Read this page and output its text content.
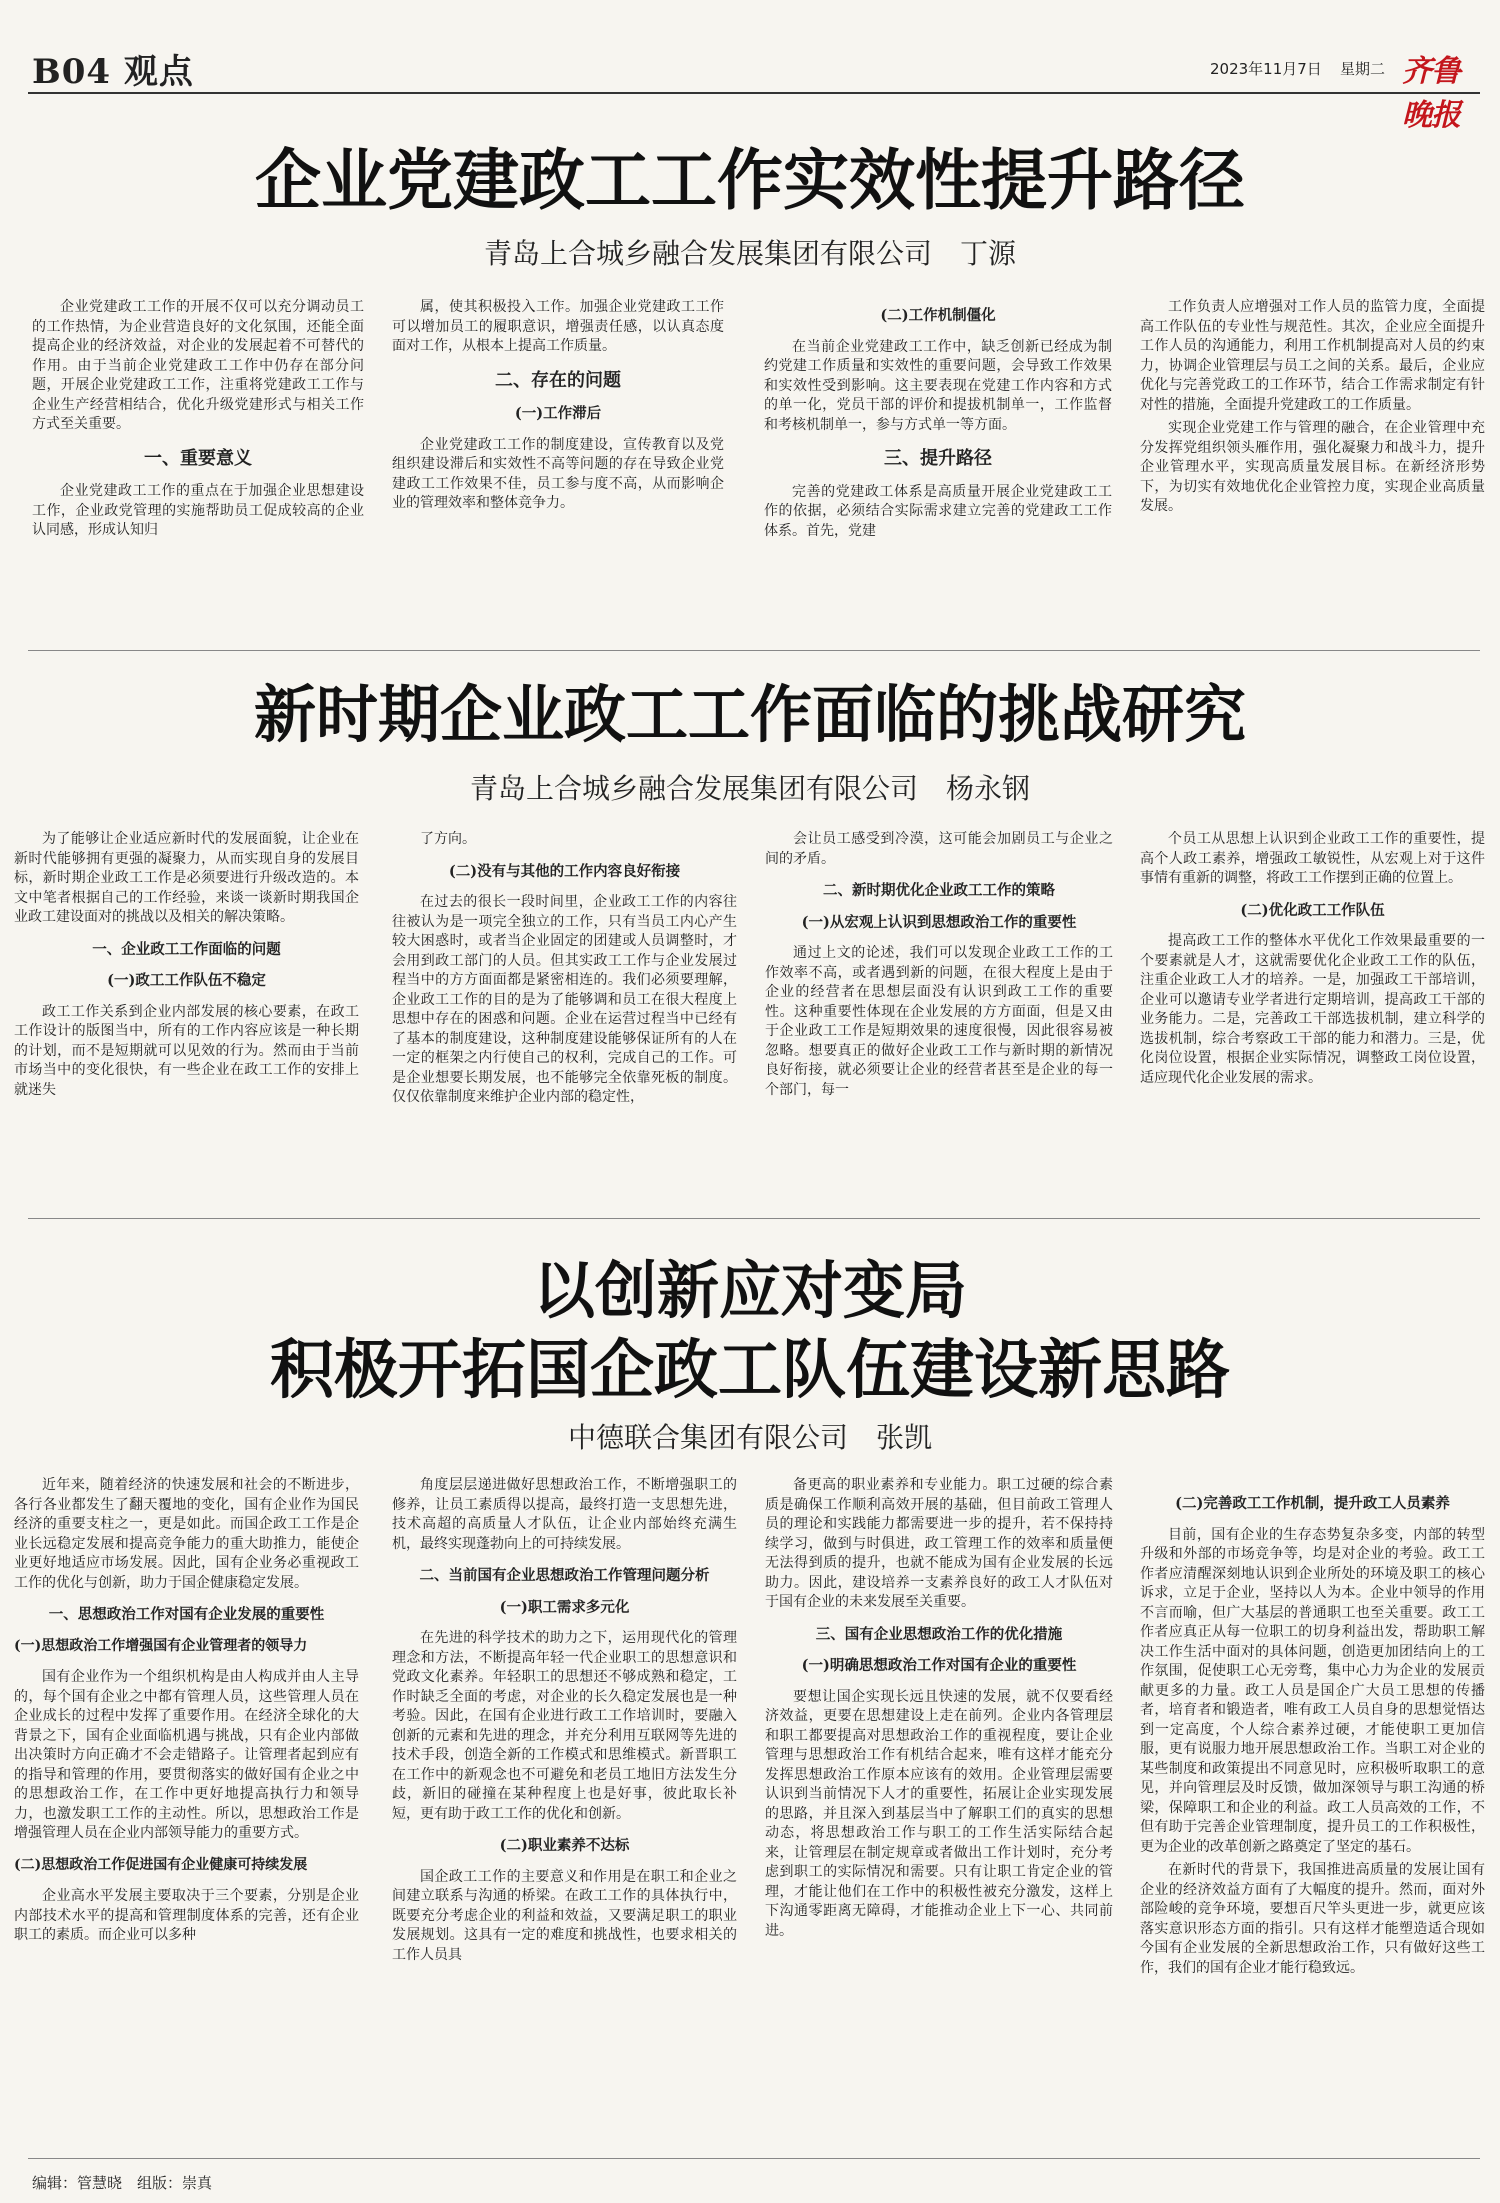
B04 观点	2023年11月7日 星期二 齐鲁晚报
企业党建政工工作实效性提升路径
青岛上合城乡融合发展集团有限公司　丁源

企业党建政工工作的开展不仅可以充分调动员工的工作热情，为企业营造良好的文化氛围，还能全面提高企业的经济效益，对企业的发展起着不可替代的作用。由于当前企业党建政工工作中仍存在部分问题，开展企业党建政工工作，注重将党建政工工作与企业生产经营相结合，优化升级党建形式与相关工作方式至关重要。

一、重要意义

企业党建政工工作的重点在于加强企业思想建设工作，企业政党管理的实施帮助员工促成较高的企业认同感，形成认知归

属，使其积极投入工作。加强企业党建政工工作可以增加员工的履职意识，增强责任感，以认真态度面对工作，从根本上提高工作质量。

二、存在的问题
(一)工作滞后

企业党建政工工作的制度建设，宣传教育以及党组织建设滞后和实效性不高等问题的存在导致企业党建政工工作效果不佳，员工参与度不高，从而影响企业的管理效率和整体竞争力。

(二)工作机制僵化

在当前企业党建政工工作中，缺乏创新已经成为制约党建工作质量和实效性的重要问题，会导致工作效果和实效性受到影响。这主要表现在党建工作内容和方式的单一化，党员干部的评价和提拔机制单一，工作监督和考核机制单一，参与方式单一等方面。

三、提升路径

完善的党建政工体系是高质量开展企业党建政工工作的依据，必须结合实际需求建立完善的党建政工工作体系。首先，党建

工作负责人应增强对工作人员的监管力度，全面提高工作队伍的专业性与规范性。其次，企业应全面提升工作人员的沟通能力，利用工作机制提高对人员的约束力，协调企业管理层与员工之间的关系。最后，企业应优化与完善党政工的工作环节，结合工作需求制定有针对性的措施，全面提升党建政工的工作质量。

实现企业党建工作与管理的融合，在企业管理中充分发挥党组织领头雁作用，强化凝聚力和战斗力，提升企业管理水平，实现高质量发展目标。在新经济形势下，为切实有效地优化企业管控力度，实现企业高质量发展。

新时期企业政工工作面临的挑战研究
青岛上合城乡融合发展集团有限公司　杨永钢

为了能够让企业适应新时代的发展面貌，让企业在新时代能够拥有更强的凝聚力，从而实现自身的发展目标，新时期企业政工工作是必须要进行升级改造的。本文中笔者根据自己的工作经验，来谈一谈新时期我国企业政工建设面对的挑战以及相关的解决策略。

一、企业政工工作面临的问题
(一)政工工作队伍不稳定

政工工作关系到企业内部发展的核心要素，在政工工作设计的版图当中，所有的工作内容应该是一种长期的计划，而不是短期就可以见效的行为。然而由于当前市场当中的变化很快，有一些企业在政工工作的安排上就迷失

了方向。

(二)没有与其他的工作内容良好衔接

在过去的很长一段时间里，企业政工工作的内容往往被认为是一项完全独立的工作，只有当员工内心产生较大困惑时，或者当企业固定的团建或人员调整时，才会用到政工部门的人员。但其实政工工作与企业发展过程当中的方方面面都是紧密相连的。我们必须要理解，企业政工工作的目的是为了能够调和员工在很大程度上思想中存在的困惑和问题。企业在运营过程当中已经有了基本的制度建设，这种制度建设能够保证所有的人在一定的框架之内行使自己的权利，完成自己的工作。可是企业想要长期发展，也不能够完全依靠死板的制度。仅仅依靠制度来维护企业内部的稳定性，

会让员工感受到冷漠，这可能会加剧员工与企业之间的矛盾。

二、新时期优化企业政工工作的策略
(一)从宏观上认识到思想政治工作的重要性

通过上文的论述，我们可以发现企业政工工作的工作效率不高，或者遇到新的问题，在很大程度上是由于企业的经营者在思想层面没有认识到政工工作的重要性。这种重要性体现在企业发展的方方面面，但是又由于企业政工工作是短期效果的速度很慢，因此很容易被忽略。想要真正的做好企业政工工作与新时期的新情况良好衔接，就必须要让企业的经营者甚至是企业的每一个部门，每一

个员工从思想上认识到企业政工工作的重要性，提高个人政工素养，增强政工敏锐性，从宏观上对于这件事情有重新的调整，将政工工作摆到正确的位置上。

(二)优化政工工作队伍

提高政工工作的整体水平优化工作效果最重要的一个要素就是人才，这就需要优化企业政工工作的队伍，注重企业政工人才的培养。一是，加强政工干部培训，企业可以邀请专业学者进行定期培训，提高政工干部的业务能力。二是，完善政工干部选拔机制，建立科学的选拔机制，综合考察政工干部的能力和潜力。三是，优化岗位设置，根据企业实际情况，调整政工岗位设置，适应现代化企业发展的需求。

以创新应对变局
积极开拓国企政工队伍建设新思路
中德联合集团有限公司　张凯

近年来，随着经济的快速发展和社会的不断进步，各行各业都发生了翻天覆地的变化，国有企业作为国民经济的重要支柱之一，更是如此。而国企政工工作是企业长远稳定发展和提高竞争能力的重大助推力，能使企业更好地适应市场发展。因此，国有企业务必重视政工工作的优化与创新，助力于国企健康稳定发展。

一、思想政治工作对国有企业发展的重要性
(一)思想政治工作增强国有企业管理者的领导力

国有企业作为一个组织机构是由人构成并由人主导的，每个国有企业之中都有管理人员，这些管理人员在企业成长的过程中发挥了重要作用。在经济全球化的大背景之下，国有企业面临机遇与挑战，只有企业内部做出决策时方向正确才不会走错路子。让管理者起到应有的指导和管理的作用，要贯彻落实的做好国有企业之中的思想政治工作，在工作中更好地提高执行力和领导力，也激发职工工作的主动性。所以，思想政治工作是增强管理人员在企业内部领导能力的重要方式。

(二)思想政治工作促进国有企业健康可持续发展

企业高水平发展主要取决于三个要素，分别是企业内部技术水平的提高和管理制度体系的完善，还有企业职工的素质。而企业可以多种

角度层层递进做好思想政治工作，不断增强职工的修养，让员工素质得以提高，最终打造一支思想先进，技术高超的高质量人才队伍，让企业内部始终充满生机，最终实现蓬勃向上的可持续发展。

二、当前国有企业思想政治工作管理问题分析
(一)职工需求多元化

在先进的科学技术的助力之下，运用现代化的管理理念和方法，不断提高年轻一代企业职工的思想意识和党政文化素养。年轻职工的思想还不够成熟和稳定，工作时缺乏全面的考虑，对企业的长久稳定发展也是一种考验。因此，在国有企业进行政工工作培训时，要融入创新的元素和先进的理念，并充分利用互联网等先进的技术手段，创造全新的工作模式和思维模式。新晋职工在工作中的新观念也不可避免和老员工地旧方法发生分歧，新旧的碰撞在某种程度上也是好事，彼此取长补短，更有助于政工工作的优化和创新。

(二)职业素养不达标

国企政工工作的主要意义和作用是在职工和企业之间建立联系与沟通的桥梁。在政工工作的具体执行中，既要充分考虑企业的利益和效益，又要满足职工的职业发展规划。这具有一定的难度和挑战性，也要求相关的工作人员具

备更高的职业素养和专业能力。职工过硬的综合素质是确保工作顺利高效开展的基础，但目前政工管理人员的理论和实践能力都需要进一步的提升，若不保持持续学习，做到与时俱进，政工管理工作的效率和质量便无法得到质的提升，也就不能成为国有企业发展的长远助力。因此，建设培养一支素养良好的政工人才队伍对于国有企业的未来发展至关重要。

三、国有企业思想政治工作的优化措施
(一)明确思想政治工作对国有企业的重要性

要想让国企实现长远且快速的发展，就不仅要看经济效益，更要在思想建设上走在前列。企业内各管理层和职工都要提高对思想政治工作的重视程度，要让企业管理与思想政治工作有机结合起来，唯有这样才能充分发挥思想政治工作原本应该有的效用。企业管理层需要认识到当前情况下人才的重要性，拓展让企业实现发展的思路，并且深入到基层当中了解职工们的真实的思想动态，将思想政治工作与职工的工作生活实际结合起来，让管理层在制定规章或者做出工作计划时，充分考虑到职工的实际情况和需要。只有让职工肯定企业的管理，才能让他们在工作中的积极性被充分激发，这样上下沟通零距离无障碍，才能推动企业上下一心、共同前进。

(二)完善政工工作机制，提升政工人员素养

目前，国有企业的生存态势复杂多变，内部的转型升级和外部的市场竞争等，均是对企业的考验。政工工作者应清醒深刻地认识到企业所处的环境及职工的核心诉求，立足于企业，坚持以人为本。企业中领导的作用不言而喻，但广大基层的普通职工也至关重要。政工工作者应真正从每一位职工的切身利益出发，帮助职工解决工作生活中面对的具体问题，创造更加团结向上的工作氛围，促使职工心无旁骛，集中心力为企业的发展贡献更多的力量。政工人员是国企广大员工思想的传播者，培育者和锻造者，唯有政工人员自身的思想觉悟达到一定高度，个人综合素养过硬，才能使职工更加信服，更有说服力地开展思想政治工作。当职工对企业的某些制度和政策提出不同意见时，应积极听取职工的意见，并向管理层及时反馈，做加深领导与职工沟通的桥梁，保障职工和企业的利益。政工人员高效的工作，不但有助于完善企业管理制度，提升员工的工作积极性，更为企业的改革创新之路奠定了坚定的基石。

在新时代的背景下，我国推进高质量的发展让国有企业的经济效益方面有了大幅度的提升。然而，面对外部险峻的竞争环境，要想百尺竿头更进一步，就更应该落实意识形态方面的指引。只有这样才能塑造适合现如今国有企业发展的全新思想政治工作，只有做好这些工作，我们的国有企业才能行稳致远。

编辑：管慧晓　组版：崇真
